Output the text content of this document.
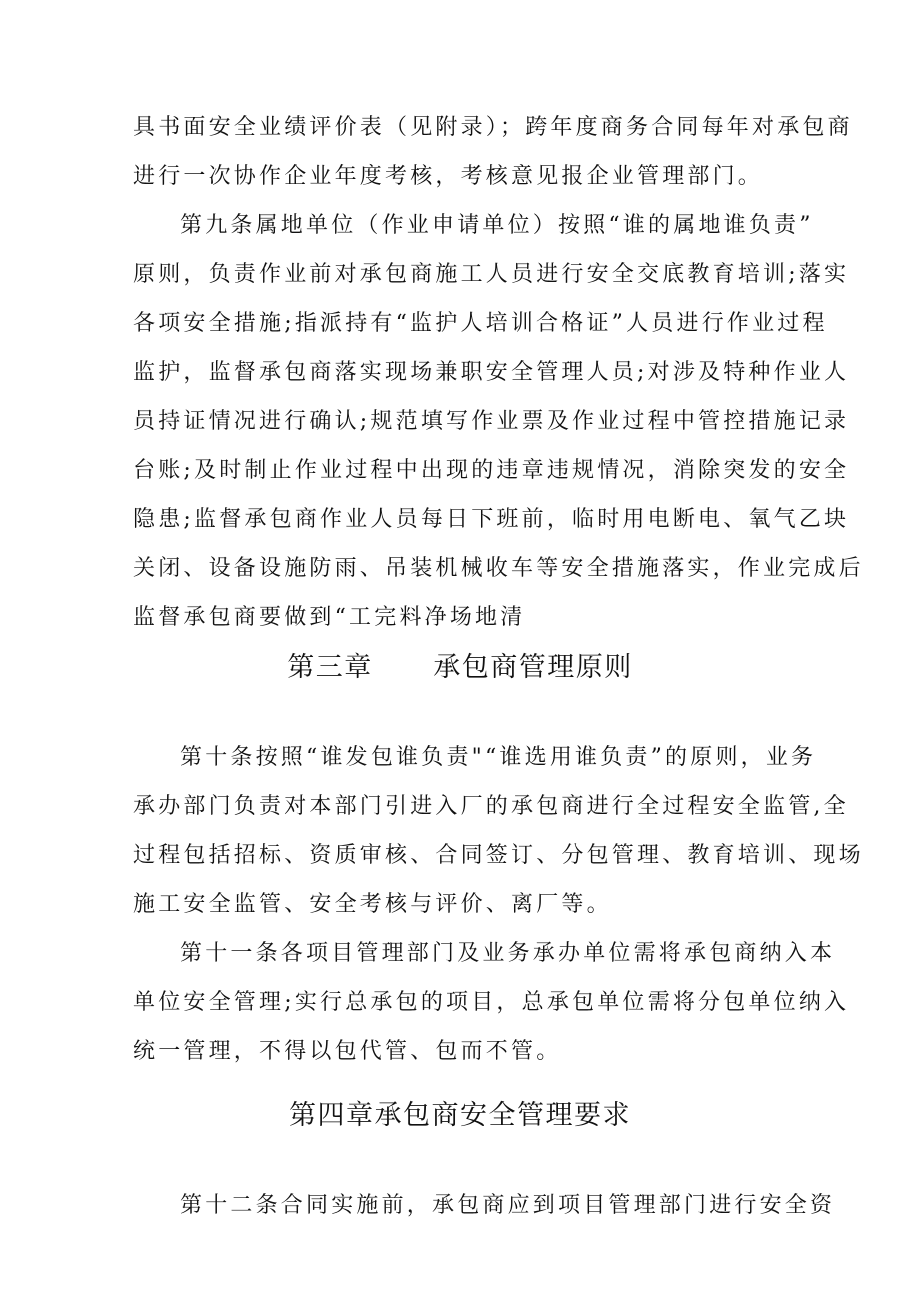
具书面安全业绩评价表（见附录）；跨年度商务合同每年对承包商
进行一次协作企业年度考核，考核意见报企业管理部门。
第九条属地单位（作业申请单位）按照“谁的属地谁负责”
原则，负责作业前对承包商施工人员进行安全交底教育培训;落实
各项安全措施;指派持有“监护人培训合格证”人员进行作业过程
监护，监督承包商落实现场兼职安全管理人员;对涉及特种作业人
员持证情况进行确认;规范填写作业票及作业过程中管控措施记录
台账;及时制止作业过程中出现的违章违规情况，消除突发的安全
隐患;监督承包商作业人员每日下班前，临时用电断电、氧气乙块
关闭、设备设施防雨、吊装机械收车等安全措施落实，作业完成后
监督承包商要做到“工完料净场地清
第三章      承包商管理原则
第十条按照“谁发包谁负责"“谁选用谁负责”的原则，业务
承办部门负责对本部门引进入厂的承包商进行全过程安全监管,全
过程包括招标、资质审核、合同签订、分包管理、教育培训、现场
施工安全监管、安全考核与评价、离厂等。
第十一条各项目管理部门及业务承办单位需将承包商纳入本
单位安全管理;实行总承包的项目，总承包单位需将分包单位纳入
统一管理，不得以包代管、包而不管。
第四章承包商安全管理要求
第十二条合同实施前，承包商应到项目管理部门进行安全资
